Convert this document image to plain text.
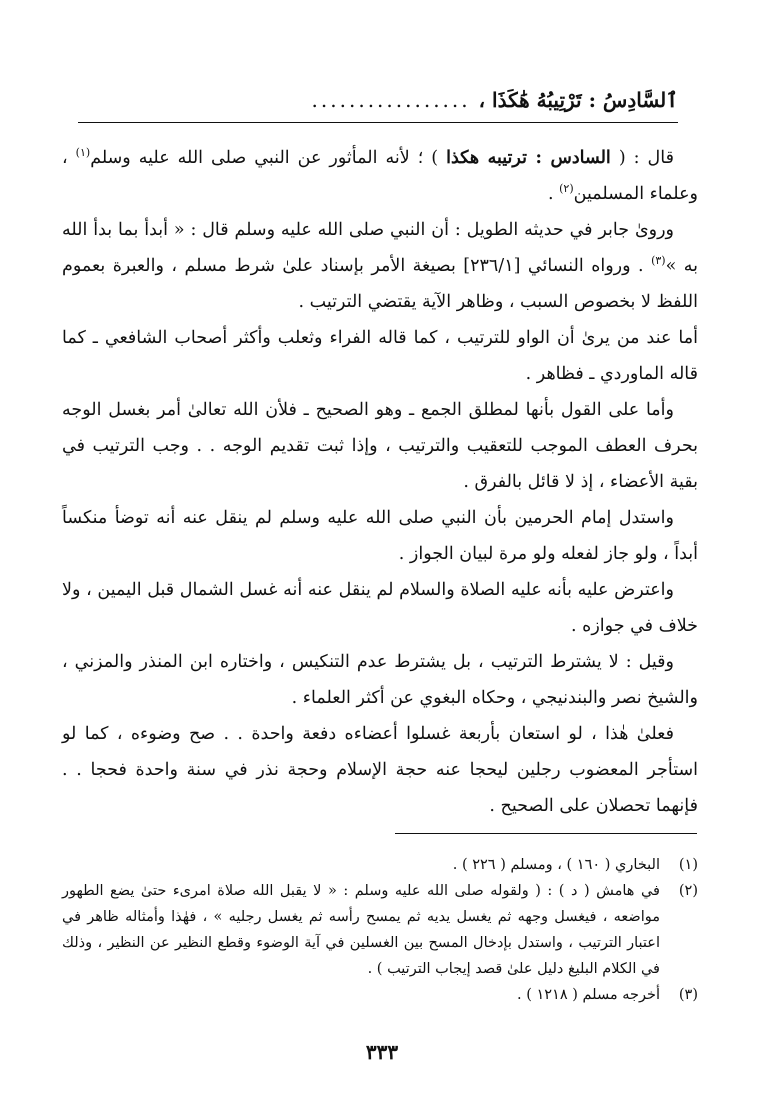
ٱلسَّادِسُ : تَرْتِيبُهُ هَٰكَذَا ،
.................

قال : ( السادس : ترتيبه هكذا ) ؛ لأنه المأثور عن النبي صلى الله عليه وسلم$^{(١)}$ ، وعلماء المسلمين$^{(٢)}$ .

ورویٰ جابر في حديثه الطويل : أن النبي صلى الله عليه وسلم قال : « أبدأ بما بدأ الله به »$^{(٣)}$ . ورواه النسائي [٢٣٦/١] بصيغة الأمر بإسناد علىٰ شرط مسلم ، والعبرة بعموم اللفظ لا بخصوص السبب ، وظاهر الآية يقتضي الترتيب .

أما عند من يرىٰ أن الواو للترتيب ، كما قاله الفراء وثعلب وأكثر أصحاب الشافعي ـ كما قاله الماوردي ـ فظاهر .

وأما على القول بأنها لمطلق الجمع ـ وهو الصحيح ـ فلأن الله تعالىٰ أمر بغسل الوجه بحرف العطف الموجب للتعقيب والترتيب ، وإذا ثبت تقديم الوجه . . وجب الترتيب في بقية الأعضاء ، إذ لا قائل بالفرق .

واستدل إمام الحرمين بأن النبي صلى الله عليه وسلم لم ينقل عنه أنه توضأ منكساً أبداً ، ولو جاز لفعله ولو مرة لبيان الجواز .

واعترض عليه بأنه عليه الصلاة والسلام لم ينقل عنه أنه غسل الشمال قبل اليمين ، ولا خلاف في جوازه .

وقيل : لا يشترط الترتيب ، بل يشترط عدم التنكيس ، واختاره ابن المنذر والمزني ، والشيخ نصر والبندنيجي ، وحكاه البغوي عن أكثر العلماء .

فعلىٰ هٰذا ، لو استعان بأربعة غسلوا أعضاءه دفعة واحدة . . صح وضوءه ، كما لو استأجر المعضوب رجلين ليحجا عنه حجة الإسلام وحجة نذر في سنة واحدة فحجا . . فإنهما تحصلان على الصحيح .

(١)
البخاري ( ١٦٠ ) ، ومسلم ( ٢٢٦ ) .
(٢)
في هامش ( د ) : ( ولقوله صلى الله عليه وسلم : « لا يقبل الله صلاة امرىء حتىٰ يضع الطهور مواضعه ، فيغسل وجهه ثم يغسل يديه ثم يمسح رأسه ثم يغسل رجليه » ، فهٰذا وأمثاله ظاهر في اعتبار الترتيب ، واستدل بإدخال المسح بين الغسلين في آية الوضوء وقطع النظير عن النظير ، وذلك في الكلام البليغ دليل علىٰ قصد إيجاب الترتيب ) .
(٣)
أخرجه مسلم ( ١٢١٨ ) .
٣٣٣
